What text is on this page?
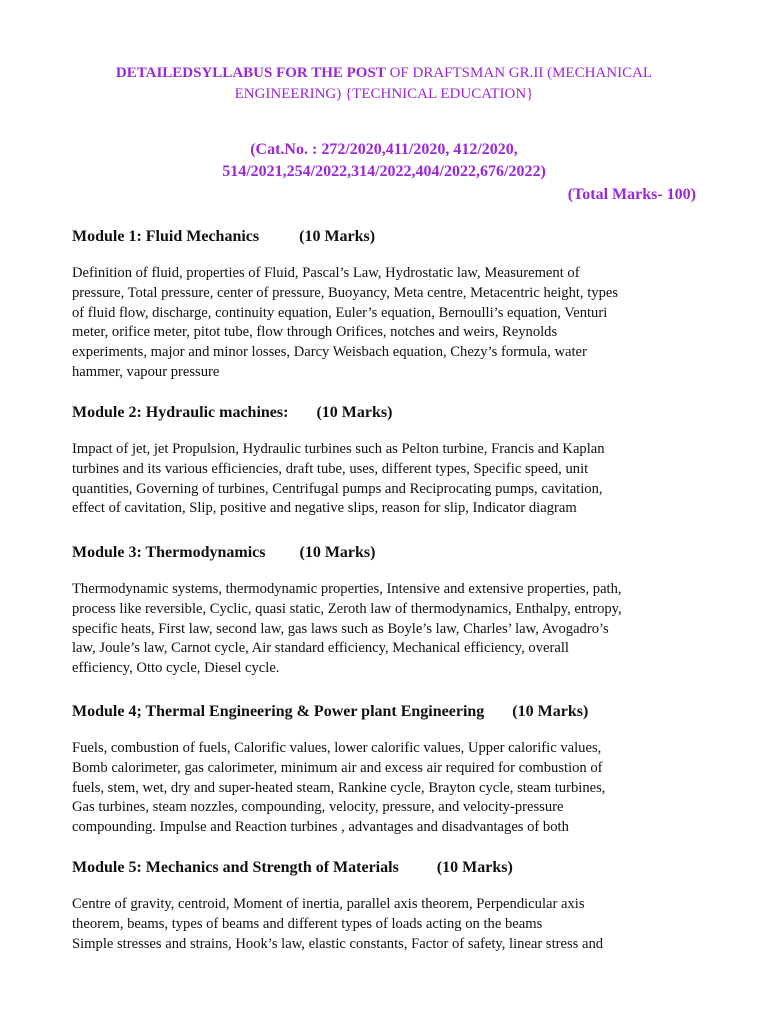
DETAILEDSYLLABUS FOR THE POST OF DRAFTSMAN GR.II (MECHANICAL
ENGINEERING) {TECHNICAL EDUCATION}
(Cat.No. : 272/2020,411/2020, 412/2020,
514/2021,254/2022,314/2022,404/2022,676/2022)
(Total Marks- 100)
Module 1: Fluid Mechanics	(10 Marks)
Definition of fluid, properties of Fluid, Pascal’s Law, Hydrostatic law, Measurement of
pressure, Total pressure, center of pressure, Buoyancy, Meta centre, Metacentric height, types
of fluid flow, discharge, continuity equation, Euler’s equation, Bernoulli’s equation, Venturi
meter, orifice meter, pitot tube, flow through Orifices, notches and weirs, Reynolds
experiments, major and minor losses, Darcy Weisbach equation, Chezy’s formula, water
hammer, vapour pressure
Module 2: Hydraulic machines: (10 Marks)
Impact of jet, jet Propulsion, Hydraulic turbines such as Pelton turbine, Francis and Kaplan
turbines and its various efficiencies, draft tube, uses, different types, Specific speed, unit
quantities, Governing of turbines, Centrifugal pumps and Reciprocating pumps, cavitation,
effect of cavitation, Slip, positive and negative slips, reason for slip, Indicator diagram
Module 3: Thermodynamics (10 Marks)
Thermodynamic systems, thermodynamic properties, Intensive and extensive properties, path,
process like reversible, Cyclic, quasi static, Zeroth law of thermodynamics, Enthalpy, entropy,
specific heats, First law, second law, gas laws such as Boyle’s law, Charles’ law, Avogadro’s
law, Joule’s law, Carnot cycle, Air standard efficiency, Mechanical efficiency, overall
efficiency, Otto cycle, Diesel cycle.
Module 4; Thermal Engineering & Power plant Engineering (10 Marks)
Fuels, combustion of fuels, Calorific values, lower calorific values, Upper calorific values,
Bomb calorimeter, gas calorimeter, minimum air and excess air required for combustion of
fuels, stem, wet, dry and super-heated steam, Rankine cycle, Brayton cycle, steam turbines,
Gas turbines, steam nozzles, compounding, velocity, pressure, and velocity-pressure
compounding. Impulse and Reaction turbines , advantages and disadvantages of both
Module 5: Mechanics and Strength of Materials (10 Marks)
Centre of gravity, centroid, Moment of inertia, parallel axis theorem, Perpendicular axis
theorem, beams, types of beams and different types of loads acting on the beams
Simple stresses and strains, Hook’s law, elastic constants, Factor of safety, linear stress and
